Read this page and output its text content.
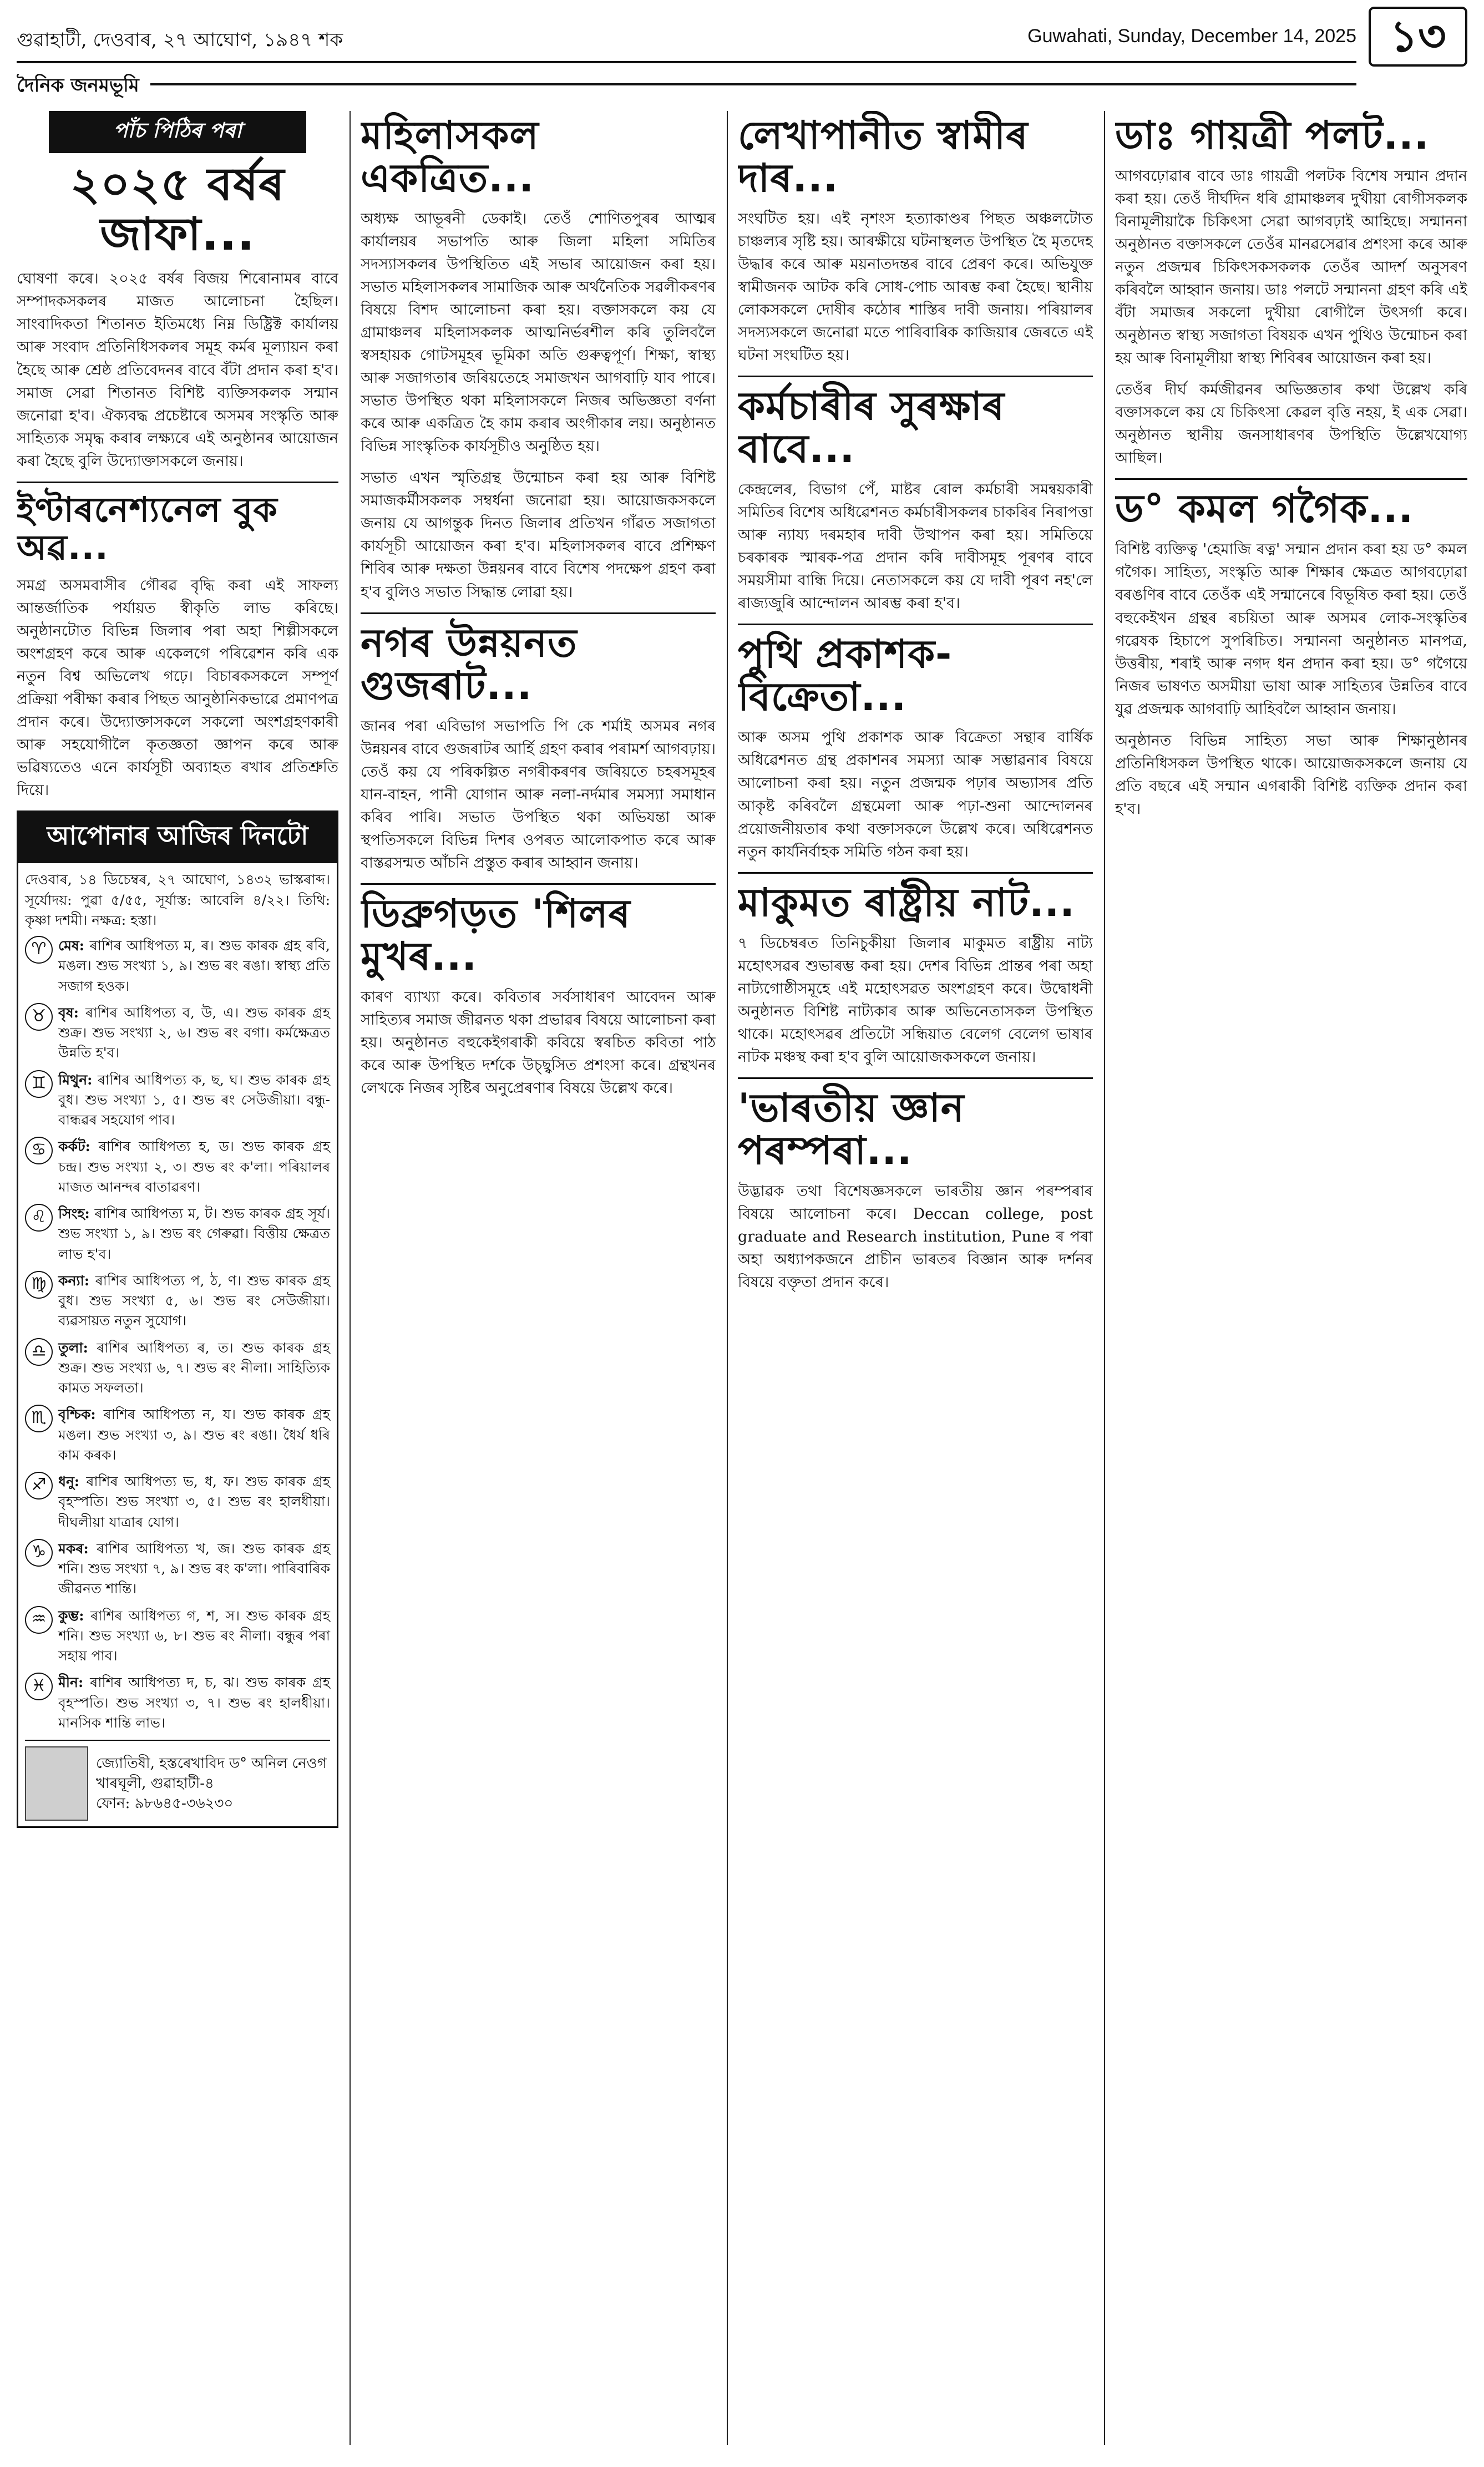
গুৱাহাটী, দেওবাৰ, ২৭ আঘোণ, ১৯৪৭ শক	Guwahati, Sunday, December 14, 2025 ১৩
দৈনিক জনমভূমি
পাঁচ পিঠিৰ পৰা
২০২৫ বৰ্ষৰ জাফা...

ঘোষণা কৰে। ২০২৫ বৰ্ষৰ বিজয় শিৰোনামৰ বাবে সম্পাদকসকলৰ মাজত আলোচনা হৈছিল। সাংবাদিকতা শিতানত ইতিমধ্যে নিম্ন ডিষ্ট্ৰিক্ট কাৰ্যালয় আৰু সংবাদ প্ৰতিনিধিসকলৰ সমূহ কৰ্মৰ মূল্যায়ন কৰা হৈছে আৰু শ্ৰেষ্ঠ প্ৰতিবেদনৰ বাবে বঁটা প্ৰদান কৰা হ'ব। সমাজ সেৱা শিতানত বিশিষ্ট ব্যক্তিসকলক সন্মান জনোৱা হ'ব। ঐক্যবদ্ধ প্ৰচেষ্টাৰে অসমৰ সংস্কৃতি আৰু সাহিত্যক সমৃদ্ধ কৰাৰ লক্ষ্যৰে এই অনুষ্ঠানৰ আয়োজন কৰা হৈছে বুলি উদ্যোক্তাসকলে জনায়।

ইণ্টাৰনেশ্যনেল বুক অৱ...

সমগ্ৰ অসমবাসীৰ গৌৰৱ বৃদ্ধি কৰা এই সাফল্য আন্তৰ্জাতিক পৰ্যায়ত স্বীকৃতি লাভ কৰিছে। অনুষ্ঠানটোত বিভিন্ন জিলাৰ পৰা অহা শিল্পীসকলে অংশগ্ৰহণ কৰে আৰু একেলগে পৰিৱেশন কৰি এক নতুন বিশ্ব অভিলেখ গঢ়ে। বিচাৰকসকলে সম্পূৰ্ণ প্ৰক্ৰিয়া পৰীক্ষা কৰাৰ পিছত আনুষ্ঠানিকভাৱে প্ৰমাণপত্ৰ প্ৰদান কৰে। উদ্যোক্তাসকলে সকলো অংশগ্ৰহণকাৰী আৰু সহযোগীলৈ কৃতজ্ঞতা জ্ঞাপন কৰে আৰু ভৱিষ্যতেও এনে কাৰ্যসূচী অব্যাহত ৰখাৰ প্ৰতিশ্ৰুতি দিয়ে।

আপোনাৰ আজিৰ দিনটো

দেওবাৰ, ১৪ ডিচেম্বৰ, ২৭ আঘোণ, ১৪৩২ ভাস্কৰাব্দ। সূৰ্যোদয়: পুৱা ৫/৫৫, সূৰ্যাস্ত: আবেলি ৪/২২। তিথি: কৃষ্ণা দশমী। নক্ষত্ৰ: হস্তা।

♈ মেষ: ৰাশিৰ আধিপত্য ম, ৰ। শুভ কাৰক গ্ৰহ ৰবি, মঙল। শুভ সংখ্যা ১, ৯। শুভ ৰং ৰঙা। স্বাস্থ্য প্ৰতি সজাগ হওক।
♉ বৃষ: ৰাশিৰ আধিপত্য ব, উ, এ। শুভ কাৰক গ্ৰহ শুক্ৰ। শুভ সংখ্যা ২, ৬। শুভ ৰং বগা। কৰ্মক্ষেত্ৰত উন্নতি হ'ব।
♊ মিথুন: ৰাশিৰ আধিপত্য ক, ছ, ঘ। শুভ কাৰক গ্ৰহ বুধ। শুভ সংখ্যা ১, ৫। শুভ ৰং সেউজীয়া। বন্ধু-বান্ধৱৰ সহযোগ পাব।
♋ কৰ্কট: ৰাশিৰ আধিপত্য হ, ড। শুভ কাৰক গ্ৰহ চন্দ্ৰ। শুভ সংখ্যা ২, ৩। শুভ ৰং ক'লা। পৰিয়ালৰ মাজত আনন্দৰ বাতাৱৰণ।
♌ সিংহ: ৰাশিৰ আধিপত্য ম, ট। শুভ কাৰক গ্ৰহ সূৰ্য। শুভ সংখ্যা ১, ৯। শুভ ৰং গেৰুৱা। বিত্তীয় ক্ষেত্ৰত লাভ হ'ব।
♍ কন্যা: ৰাশিৰ আধিপত্য প, ঠ, ণ। শুভ কাৰক গ্ৰহ বুধ। শুভ সংখ্যা ৫, ৬। শুভ ৰং সেউজীয়া। ব্যৱসায়ত নতুন সুযোগ।
♎ তুলা: ৰাশিৰ আধিপত্য ৰ, ত। শুভ কাৰক গ্ৰহ শুক্ৰ। শুভ সংখ্যা ৬, ৭। শুভ ৰং নীলা। সাহিত্যিক কামত সফলতা।
♏ বৃশ্চিক: ৰাশিৰ আধিপত্য ন, য। শুভ কাৰক গ্ৰহ মঙল। শুভ সংখ্যা ৩, ৯। শুভ ৰং ৰঙা। ধৈৰ্য ধৰি কাম কৰক।
♐ ধনু: ৰাশিৰ আধিপত্য ভ, ধ, ফ। শুভ কাৰক গ্ৰহ বৃহস্পতি। শুভ সংখ্যা ৩, ৫। শুভ ৰং হালধীয়া। দীঘলীয়া যাত্ৰাৰ যোগ।
♑ মকৰ: ৰাশিৰ আধিপত্য খ, জ। শুভ কাৰক গ্ৰহ শনি। শুভ সংখ্যা ৭, ৯। শুভ ৰং ক'লা। পাৰিবাৰিক জীৱনত শান্তি।
♒ কুম্ভ: ৰাশিৰ আধিপত্য গ, শ, স। শুভ কাৰক গ্ৰহ শনি। শুভ সংখ্যা ৬, ৮। শুভ ৰং নীলা। বন্ধুৰ পৰা সহায় পাব।
♓ মীন: ৰাশিৰ আধিপত্য দ, চ, ঝ। শুভ কাৰক গ্ৰহ বৃহস্পতি। শুভ সংখ্যা ৩, ৭। শুভ ৰং হালধীয়া। মানসিক শান্তি লাভ।
জ্যোতিষী, হস্তৰেখাবিদ ড° অনিল নেওগ
খাৰঘূলী, গুৱাহাটী-৪
ফোন: ৯৮৬৪৫-৩৬২৩০
মহিলাসকল একত্ৰিত...

অধ্যক্ষ আভূৰনী ডেকাই। তেওঁ শোণিতপুৰৰ আত্মৰ কাৰ্যালয়ৰ সভাপতি আৰু জিলা মহিলা সমিতিৰ সদস্যাসকলৰ উপস্থিতিত এই সভাৰ আয়োজন কৰা হয়। সভাত মহিলাসকলৰ সামাজিক আৰু অৰ্থনৈতিক সৱলীকৰণৰ বিষয়ে বিশদ আলোচনা কৰা হয়। বক্তাসকলে কয় যে গ্ৰামাঞ্চলৰ মহিলাসকলক আত্মনিৰ্ভৰশীল কৰি তুলিবলৈ স্বসহায়ক গোটসমূহৰ ভূমিকা অতি গুৰুত্বপূৰ্ণ। শিক্ষা, স্বাস্থ্য আৰু সজাগতাৰ জৰিয়তেহে সমাজখন আগবাঢ়ি যাব পাৰে। সভাত উপস্থিত থকা মহিলাসকলে নিজৰ অভিজ্ঞতা বৰ্ণনা কৰে আৰু একত্ৰিত হৈ কাম কৰাৰ অংগীকাৰ লয়। অনুষ্ঠানত বিভিন্ন সাংস্কৃতিক কাৰ্যসূচীও অনুষ্ঠিত হয়।

সভাত এখন স্মৃতিগ্ৰন্থ উন্মোচন কৰা হয় আৰু বিশিষ্ট সমাজকৰ্মীসকলক সম্বৰ্ধনা জনোৱা হয়। আয়োজকসকলে জনায় যে আগন্তুক দিনত জিলাৰ প্ৰতিখন গাঁৱত সজাগতা কাৰ্যসূচী আয়োজন কৰা হ'ব। মহিলাসকলৰ বাবে প্ৰশিক্ষণ শিবিৰ আৰু দক্ষতা উন্নয়নৰ বাবে বিশেষ পদক্ষেপ গ্ৰহণ কৰা হ'ব বুলিও সভাত সিদ্ধান্ত লোৱা হয়।

নগৰ উন্নয়নত গুজৰাট...

জানৰ পৰা এবিভাগ সভাপতি পি কে শৰ্মাই অসমৰ নগৰ উন্নয়নৰ বাবে গুজৰাটৰ আৰ্হি গ্ৰহণ কৰাৰ পৰামৰ্শ আগবঢ়ায়। তেওঁ কয় যে পৰিকল্পিত নগৰীকৰণৰ জৰিয়তে চহৰসমূহৰ যান-বাহন, পানী যোগান আৰু নলা-নৰ্দমাৰ সমস্যা সমাধান কৰিব পাৰি। সভাত উপস্থিত থকা অভিযন্তা আৰু স্থপতিসকলে বিভিন্ন দিশৰ ওপৰত আলোকপাত কৰে আৰু বাস্তৱসন্মত আঁচনি প্ৰস্তুত কৰাৰ আহ্বান জনায়।

ডিব্ৰুগড়ত 'শিলৰ মুখৰ...

কাৰণ ব্যাখ্যা কৰে। কবিতাৰ সৰ্বসাধাৰণ আবেদন আৰু সাহিত্যৰ সমাজ জীৱনত থকা প্ৰভাৱৰ বিষয়ে আলোচনা কৰা হয়। অনুষ্ঠানত বহুকেইগৰাকী কবিয়ে স্বৰচিত কবিতা পাঠ কৰে আৰু উপস্থিত দৰ্শকে উচ্ছ্বসিত প্ৰশংসা কৰে। গ্ৰন্থখনৰ লেখকে নিজৰ সৃষ্টিৰ অনুপ্ৰেৰণাৰ বিষয়ে উল্লেখ কৰে।

লেখাপানীত স্বামীৰ দাৰ...

সংঘটিত হয়। এই নৃশংস হত্যাকাণ্ডৰ পিছত অঞ্চলটোত চাঞ্চল্যৰ সৃষ্টি হয়। আৰক্ষীয়ে ঘটনাস্থলত উপস্থিত হৈ মৃতদেহ উদ্ধাৰ কৰে আৰু ময়নাতদন্তৰ বাবে প্ৰেৰণ কৰে। অভিযুক্ত স্বামীজনক আটক কৰি সোধ-পোচ আৰম্ভ কৰা হৈছে। স্থানীয় লোকসকলে দোষীৰ কঠোৰ শাস্তিৰ দাবী জনায়। পৰিয়ালৰ সদস্যসকলে জনোৱা মতে পাৰিবাৰিক কাজিয়াৰ জেৰতে এই ঘটনা সংঘটিত হয়।

কৰ্মচাৰীৰ সুৰক্ষাৰ বাবে...

কেন্দ্ৰলেৰ, বিভাগ পেঁ, মাষ্টৰ ৰোল কৰ্মচাৰী সমন্বয়কাৰী সমিতিৰ বিশেষ অধিৱেশনত কৰ্মচাৰীসকলৰ চাকৰিৰ নিৰাপত্তা আৰু ন্যায্য দৰমহাৰ দাবী উত্থাপন কৰা হয়। সমিতিয়ে চৰকাৰক স্মাৰক-পত্ৰ প্ৰদান কৰি দাবীসমূহ পূৰণৰ বাবে সময়সীমা বান্ধি দিয়ে। নেতাসকলে কয় যে দাবী পূৰণ নহ'লে ৰাজ্যজুৰি আন্দোলন আৰম্ভ কৰা হ'ব।

পুথি প্ৰকাশক-বিক্ৰেতা...

আৰু অসম পুথি প্ৰকাশক আৰু বিক্ৰেতা সন্থাৰ বাৰ্ষিক অধিৱেশনত গ্ৰন্থ প্ৰকাশনৰ সমস্যা আৰু সম্ভাৱনাৰ বিষয়ে আলোচনা কৰা হয়। নতুন প্ৰজন্মক পঢ়াৰ অভ্যাসৰ প্ৰতি আকৃষ্ট কৰিবলৈ গ্ৰন্থমেলা আৰু পঢ়া-শুনা আন্দোলনৰ প্ৰয়োজনীয়তাৰ কথা বক্তাসকলে উল্লেখ কৰে। অধিৱেশনত নতুন কাৰ্যনিৰ্বাহক সমিতি গঠন কৰা হয়।

মাকুমত ৰাষ্ট্ৰীয় নাট...

৭ ডিচেম্বৰত তিনিচুকীয়া জিলাৰ মাকুমত ৰাষ্ট্ৰীয় নাট্য মহোৎসৱৰ শুভাৰম্ভ কৰা হয়। দেশৰ বিভিন্ন প্ৰান্তৰ পৰা অহা নাট্যগোষ্ঠীসমূহে এই মহোৎসৱত অংশগ্ৰহণ কৰে। উদ্বোধনী অনুষ্ঠানত বিশিষ্ট নাট্যকাৰ আৰু অভিনেতাসকল উপস্থিত থাকে। মহোৎসৱৰ প্ৰতিটো সন্ধিয়াত বেলেগ বেলেগ ভাষাৰ নাটক মঞ্চস্থ কৰা হ'ব বুলি আয়োজকসকলে জনায়।

'ভাৰতীয় জ্ঞান পৰম্পৰা...

উদ্ভাৱক তথা বিশেষজ্ঞসকলে ভাৰতীয় জ্ঞান পৰম্পৰাৰ বিষয়ে আলোচনা কৰে। Deccan college, post graduate and Research institution, Pune ৰ পৰা অহা অধ্যাপকজনে প্ৰাচীন ভাৰতৰ বিজ্ঞান আৰু দৰ্শনৰ বিষয়ে বক্তৃতা প্ৰদান কৰে।

ডাঃ গায়ত্ৰী পলট...

আগবঢ়োৱাৰ বাবে ডাঃ গায়ত্ৰী পলটক বিশেষ সন্মান প্ৰদান কৰা হয়। তেওঁ দীৰ্ঘদিন ধৰি গ্ৰামাঞ্চলৰ দুখীয়া ৰোগীসকলক বিনামূলীয়াকৈ চিকিৎসা সেৱা আগবঢ়াই আহিছে। সন্মাননা অনুষ্ঠানত বক্তাসকলে তেওঁৰ মানৱসেৱাৰ প্ৰশংসা কৰে আৰু নতুন প্ৰজন্মৰ চিকিৎসকসকলক তেওঁৰ আদৰ্শ অনুসৰণ কৰিবলৈ আহ্বান জনায়। ডাঃ পলটে সন্মাননা গ্ৰহণ কৰি এই বঁটা সমাজৰ সকলো দুখীয়া ৰোগীলৈ উৎসৰ্গা কৰে। অনুষ্ঠানত স্বাস্থ্য সজাগতা বিষয়ক এখন পুথিও উন্মোচন কৰা হয় আৰু বিনামূলীয়া স্বাস্থ্য শিবিৰৰ আয়োজন কৰা হয়।

তেওঁৰ দীৰ্ঘ কৰ্মজীৱনৰ অভিজ্ঞতাৰ কথা উল্লেখ কৰি বক্তাসকলে কয় যে চিকিৎসা কেৱল বৃত্তি নহয়, ই এক সেৱা। অনুষ্ঠানত স্থানীয় জনসাধাৰণৰ উপস্থিতি উল্লেখযোগ্য আছিল।

ড° কমল গগৈক...

বিশিষ্ট ব্যক্তিত্ব 'হেমাজি ৰত্ন' সন্মান প্ৰদান কৰা হয় ড° কমল গগৈক। সাহিত্য, সংস্কৃতি আৰু শিক্ষাৰ ক্ষেত্ৰত আগবঢ়োৱা বৰঙণিৰ বাবে তেওঁক এই সন্মানেৰে বিভূষিত কৰা হয়। তেওঁ বহুকেইখন গ্ৰন্থৰ ৰচয়িতা আৰু অসমৰ লোক-সংস্কৃতিৰ গৱেষক হিচাপে সুপৰিচিত। সন্মাননা অনুষ্ঠানত মানপত্ৰ, উত্তৰীয়, শৰাই আৰু নগদ ধন প্ৰদান কৰা হয়। ড° গগৈয়ে নিজৰ ভাষণত অসমীয়া ভাষা আৰু সাহিত্যৰ উন্নতিৰ বাবে যুৱ প্ৰজন্মক আগবাঢ়ি আহিবলৈ আহ্বান জনায়।

অনুষ্ঠানত বিভিন্ন সাহিত্য সভা আৰু শিক্ষানুষ্ঠানৰ প্ৰতিনিধিসকল উপস্থিত থাকে। আয়োজকসকলে জনায় যে প্ৰতি বছৰে এই সন্মান এগৰাকী বিশিষ্ট ব্যক্তিক প্ৰদান কৰা হ'ব।
